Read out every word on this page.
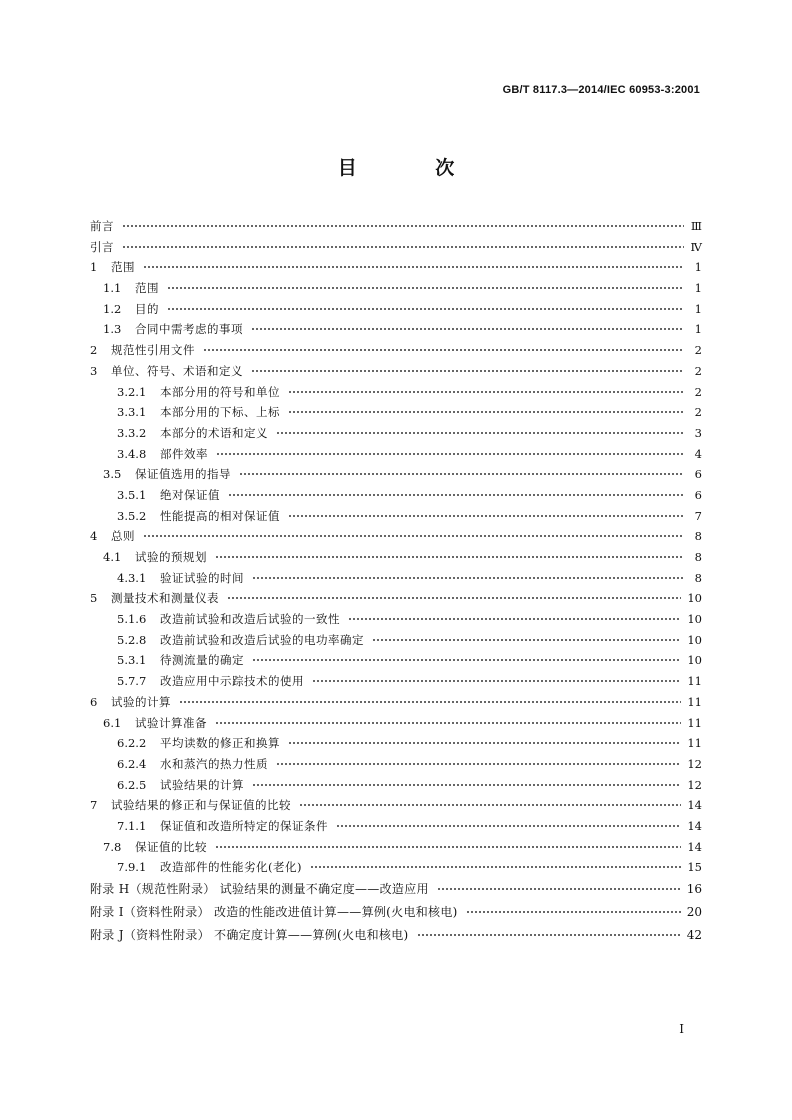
GB/T 8117.3—2014/IEC 60953-3:2001
目 次
前言	Ⅲ
引言	Ⅳ
1	范围	1
1.1	范围	1
1.2	目的	1
1.3	合同中需考虑的事项	1
2	规范性引用文件	2
3	单位、符号、术语和定义	2
3.2.1	本部分用的符号和单位	2
3.3.1	本部分用的下标、上标	2
3.3.2	本部分的术语和定义	3
3.4.8	部件效率	4
3.5	保证值选用的指导	6
3.5.1	绝对保证值	6
3.5.2	性能提高的相对保证值	7
4	总则	8
4.1	试验的预规划	8
4.3.1	验证试验的时间	8
5	测量技术和测量仪表	10
5.1.6	改造前试验和改造后试验的一致性	10
5.2.8	改造前试验和改造后试验的电功率确定	10
5.3.1	待测流量的确定	10
5.7.7	改造应用中示踪技术的使用	11
6	试验的计算	11
6.1	试验计算准备	11
6.2.2	平均读数的修正和换算	11
6.2.4	水和蒸汽的热力性质	12
6.2.5	试验结果的计算	12
7	试验结果的修正和与保证值的比较	14
7.1.1	保证值和改造所特定的保证条件	14
7.8	保证值的比较	14
7.9.1	改造部件的性能劣化(老化)	15
附录 H（规范性附录） 试验结果的测量不确定度——改造应用	16
附录 I（资料性附录） 改造的性能改进值计算——算例(火电和核电)	20
附录 J（资料性附录） 不确定度计算——算例(火电和核电)	42
I
